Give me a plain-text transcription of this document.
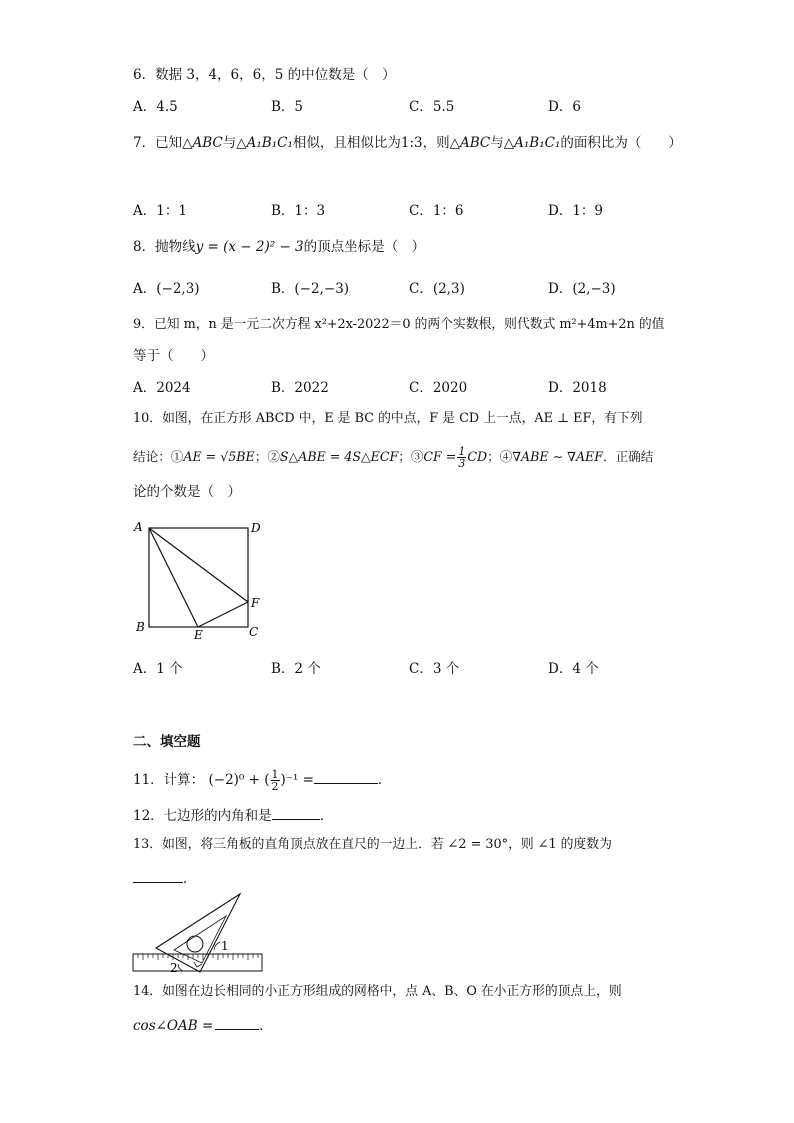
6．数据 3，4，6，6，5 的中位数是（　）
A．4.5	B．5	C．5.5	D．6
7．已知△ABC与△A₁B₁C₁相似，且相似比为1:3，则△ABC与△A₁B₁C₁的面积比为（　　）
A．1：1	B．1：3	C．1：6	D．1：9
8．抛物线y = (x − 2)² − 3的顶点坐标是（　）
A．(−2,3)	B．(−2,−3)	C．(2,3)	D．(2,−3)
9．已知 m，n 是一元二次方程 x²+2x-2022＝0 的两个实数根，则代数式 m²+4m+2n 的值
等于（　　）
A．2024	B．2022	C．2020	D．2018
10．如图，在正方形 ABCD 中，E 是 BC 的中点，F 是 CD 上一点，AE ⊥ EF，有下列
结论：①AE = √5BE；②S△ABE = 4S△ECF；③CF = $\frac{1}{3}$ CD；④∇ABE ∼ ∇AEF．正确结
论的个数是（　）
A	D
B	C
E
F
A．1 个	B．2 个	C．3 个	D．4 个
二、填空题
11．计算： (−2)⁰ + ( $\frac{1}{2} )^{-1}$ =	．
12．七边形的内角和是	．
13．如图，将三角板的直角顶点放在直尺的一边上．若 ∠2 = 30°，则 ∠1 的度数为
．
1
2
14．如图在边长相同的小正方形组成的网格中，点 A、B、O 在小正方形的顶点上，则
cos∠OAB =	．
